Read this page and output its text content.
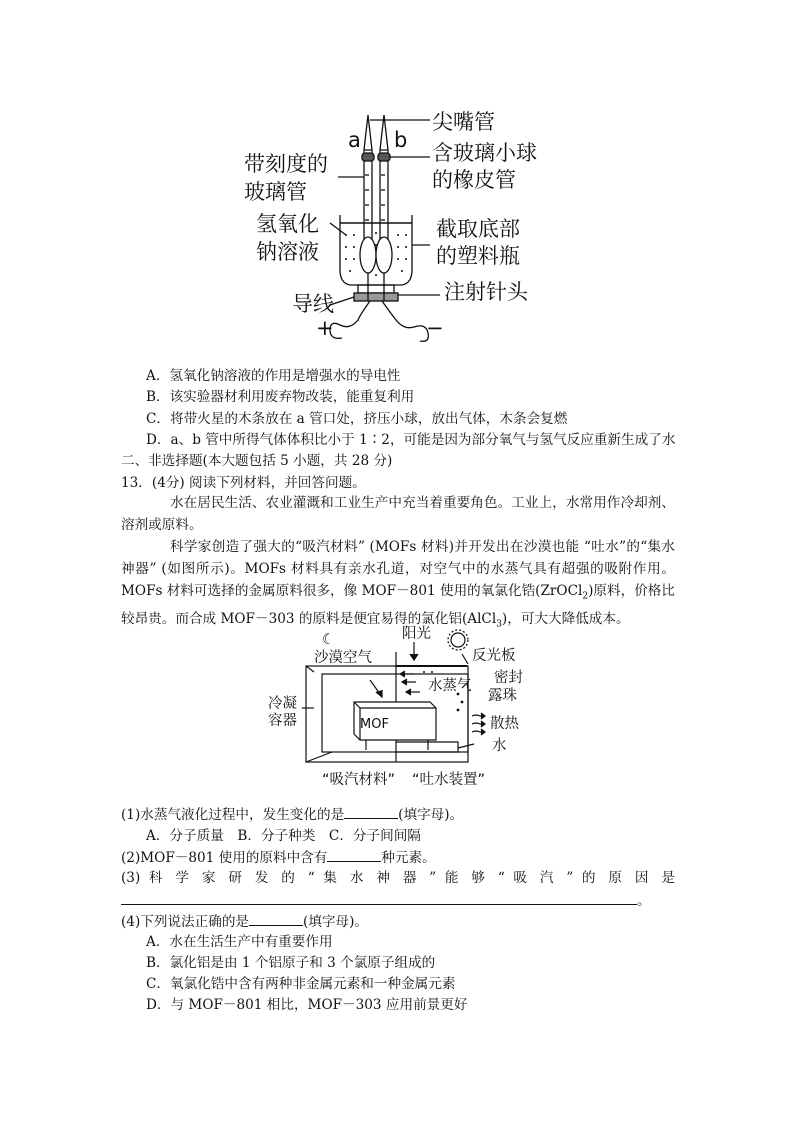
a b
尖嘴管
含玻璃小球
的橡皮管
带刻度的
玻璃管
氢氧化
钠溶液
截取底部
的塑料瓶
注射针头
导线
+	−
A．氢氧化钠溶液的作用是增强水的导电性
B．该实验器材利用废弃物改装，能重复利用
C．将带火星的木条放在 a 管口处，挤压小球，放出气体，木条会复燃
D．a、b 管中所得气体体积比小于 1∶2，可能是因为部分氧气与氢气反应重新生成了水
二、非选择题(本大题包括 5 小题，共 28 分)
13．(4分) 阅读下列材料，并回答问题。
水在居民生活、农业灌溉和工业生产中充当着重要角色。工业上，水常用作冷却剂、溶剂或原料。
科学家创造了强大的“吸汽材料” (MOFs 材料)并开发出在沙漠也能 “吐水”的“集水神器” (如图所示)。MOFs 材料具有亲水孔道，对空气中的水蒸气具有超强的吸附作用。MOFs 材料可选择的金属原料很多，像 MOF－801 使用的氧氯化锆(ZrOCl$_2$)原料，价格比较昂贵。而合成 MOF－303 的原料是便宜易得的氯化铝(AlCl$_3$)，可大大降低成本。
☾	阳光
沙漠空气	反光板
密封
露珠
水蒸气
散热
水
冷凝
容器	MOF
“吸汽材料” “吐水装置”
(1)水蒸气液化过程中，发生变化的是	(填字母)。
A．分子质量　B．分子种类　C．分子间间隔
(2)MOF－801 使用的原料中含有	种元素。
(3) 科 学 家 研 发 的 “ 集 水 神 器 ” 能 够 “ 吸 汽 ” 的 原 因 是
。
(4)下列说法正确的是	(填字母)。
A．水在生活生产中有重要作用
B．氯化铝是由 1 个铝原子和 3 个氯原子组成的
C．氧氯化锆中含有两种非金属元素和一种金属元素
D．与 MOF－801 相比，MOF－303 应用前景更好
